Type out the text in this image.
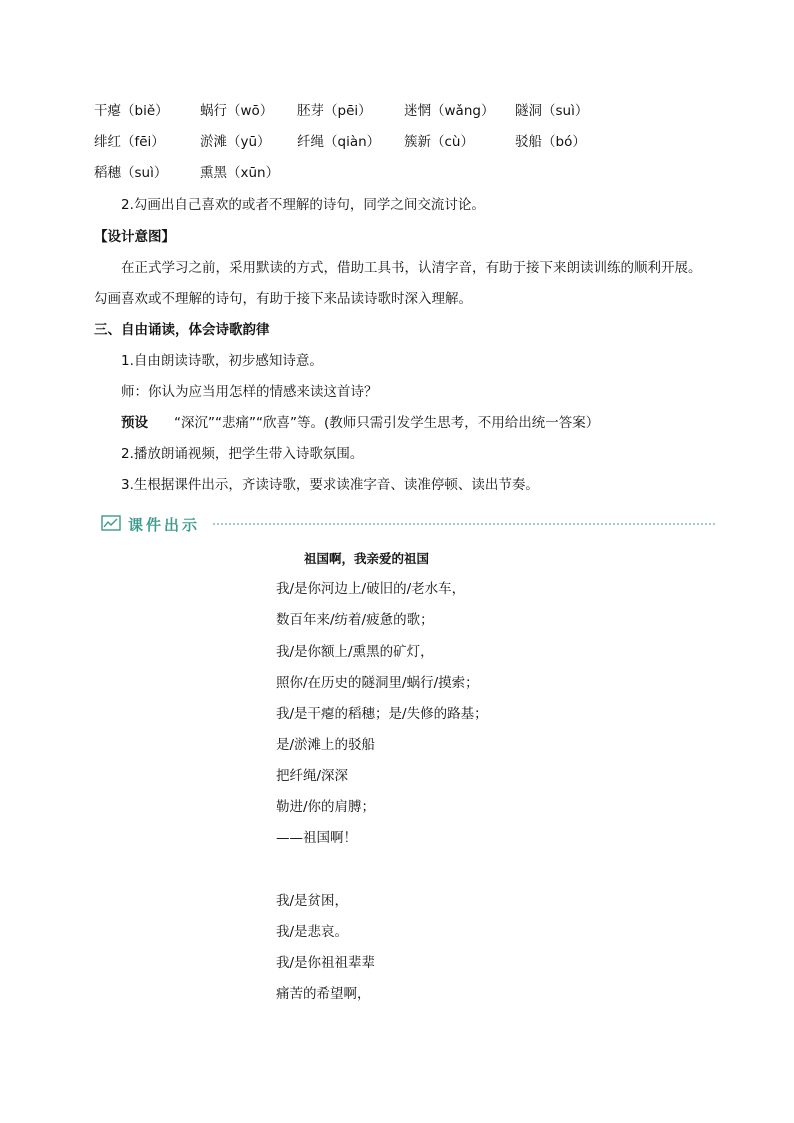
干瘪（biě） 蜗行（wō） 胚芽（pēi） 迷惘（wǎng） 隧洞（suì）
绯红（fēi）	淤滩（yū） 纤绳（qiàn） 簇新（cù）	驳船（bó）
稻穗（suì） 熏黑（xūn）
2.勾画出自己喜欢的或者不理解的诗句，同学之间交流讨论。
【设计意图】
在正式学习之前，采用默读的方式，借助工具书，认清字音，有助于接下来朗读训练的顺利开展。
勾画喜欢或不理解的诗句，有助于接下来品读诗歌时深入理解。
三、自由诵读，体会诗歌韵律
1.自由朗读诗歌，初步感知诗意。
师：你认为应当用怎样的情感来读这首诗？
预设 “深沉”“悲痛”“欣喜”等。(教师只需引发学生思考，不用给出统一答案）
2.播放朗诵视频，把学生带入诗歌氛围。
3.生根据课件出示，齐读诗歌，要求读准字音、读准停顿、读出节奏。
课件出示
祖国啊，我亲爱的祖国
我/是你河边上/破旧的/老水车，
数百年来/纺着/疲惫的歌；
我/是你额上/熏黑的矿灯，
照你/在历史的隧洞里/蜗行/摸索；
我/是干瘪的稻穗；是/失修的路基；
是/淤滩上的驳船
把纤绳/深深
勒进/你的肩膊；
——祖国啊！
我/是贫困，
我/是悲哀。
我/是你祖祖辈辈
痛苦的希望啊，
